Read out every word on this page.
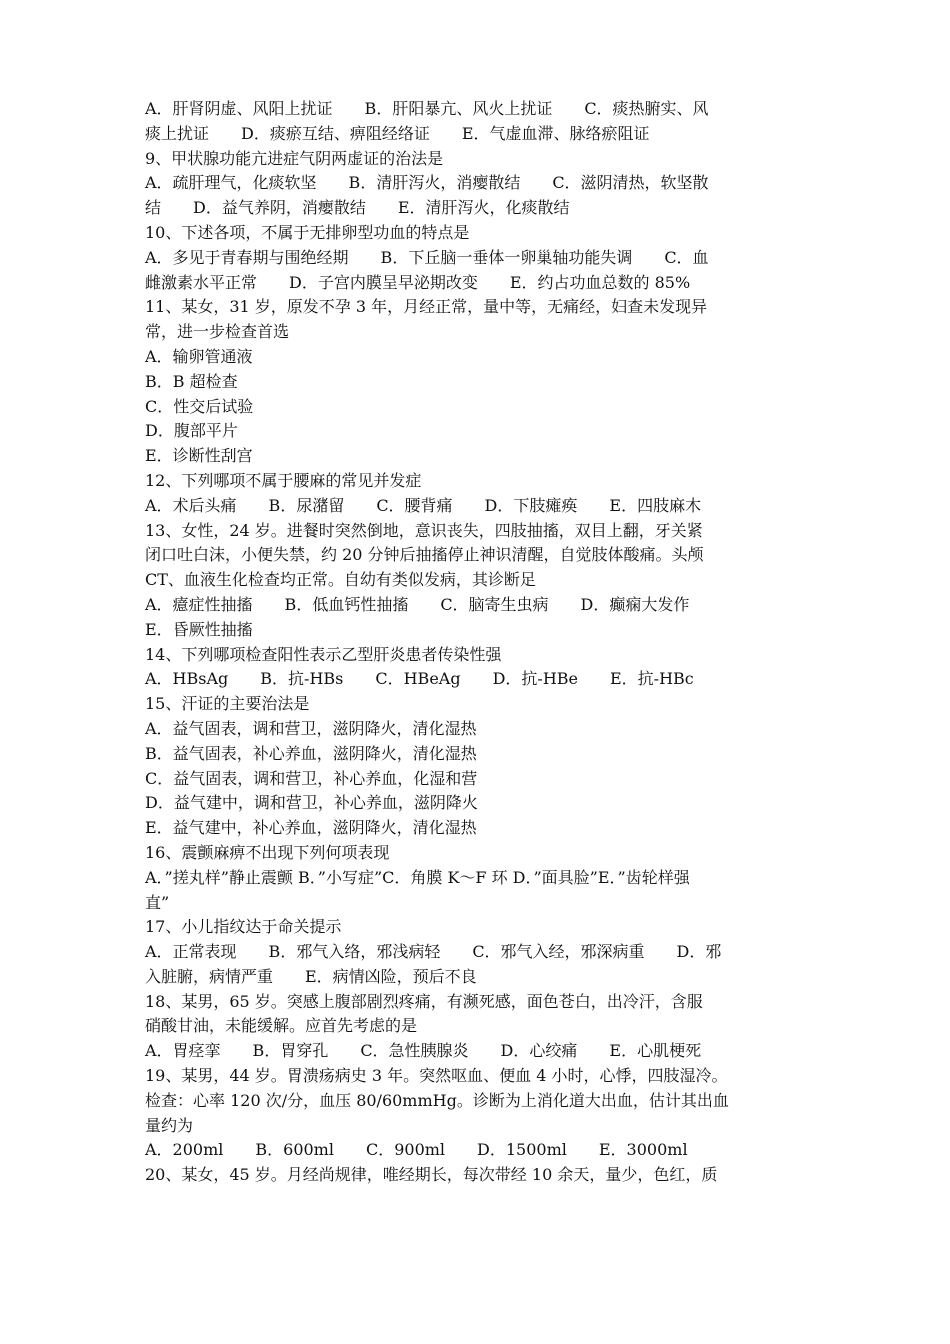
A．肝肾阴虚、风阳上扰证　　B．肝阳暴亢、风火上扰证　　C．痰热腑实、风
痰上扰证　　D．痰瘀互结、痹阻经络证　　E．气虚血滞、脉络瘀阻证
9、甲状腺功能亢进症气阴两虚证的治法是
A．疏肝理气，化痰软坚　　B．清肝泻火，消瘿散结　　C．滋阴清热，软坚散
结　　D．益气养阴，消瘿散结　　E．清肝泻火，化痰散结
10、下述各项，不属于无排卵型功血的特点是
A．多见于青春期与围绝经期　　B．下丘脑一垂体一卵巢轴功能失调　　C．血
雌激素水平正常　　D．子宫内膜呈早泌期改变　　E．约占功血总数的 85%
11、某女，31 岁，原发不孕 3 年，月经正常，量中等，无痛经，妇查未发现异
常，进一步检查首选
A．输卵管通液
B．B 超检查
C．性交后试验
D．腹部平片
E．诊断性刮宫
12、下列哪项不属于腰麻的常见并发症
A．术后头痛　　B．尿潴留　　C．腰背痛　　D．下肢瘫痪　　E．四肢麻木
13、女性，24 岁。进餐时突然倒地，意识丧失，四肢抽搐，双目上翻，牙关紧
闭口吐白沫，小便失禁，约 20 分钟后抽搐停止神识清醒，自觉肢体酸痛。头颅
CT、血液生化检查均正常。自幼有类似发病，其诊断足
A．癔症性抽搐　　B．低血钙性抽搐　　C．脑寄生虫病　　D．癫痫大发作
E．昏厥性抽搐
14、下列哪项检查阳性表示乙型肝炎患者传染性强
A．HBsAg　　B．抗-HBs　　C．HBeAg　　D．抗-HBe　　E．抗-HBc
15、汗证的主要治法是
A．益气固表，调和营卫，滋阴降火，清化湿热
B．益气固表，补心养血，滋阴降火，清化湿热
C．益气固表，调和营卫，补心养血，化湿和营
D．益气建中，调和营卫，补心养血，滋阴降火
E．益气建中，补心养血，滋阴降火，清化湿热
16、震颤麻痹不出现下列何项表现
A．”搓丸样”静止震颤 B．”小写症”C．角膜 K～F 环 D．”面具脸”E．”齿轮样强
直”
17、小儿指纹达于命关提示
A．正常表现　　B．邪气入络，邪浅病轻　　C．邪气入经，邪深病重　　D．邪
入脏腑，病情严重　　E．病情凶险，预后不良
18、某男，65 岁。突感上腹部剧烈疼痛，有濒死感，面色苍白，出冷汗，含服
硝酸甘油，未能缓解。应首先考虑的是
A．胃痉挛　　B．胃穿孔　　C．急性胰腺炎　　D．心绞痛　　E．心肌梗死
19、某男，44 岁。胃溃疡病史 3 年。突然呕血、便血 4 小时，心悸，四肢湿冷。
检查：心率 120 次/分，血压 80/60mmHg。诊断为上消化道大出血，估计其出血
量约为
A．200ml　　B．600ml　　C．900ml　　D．1500ml　　E．3000ml
20、某女，45 岁。月经尚规律，唯经期长，每次带经 10 余天，量少，色红，质
